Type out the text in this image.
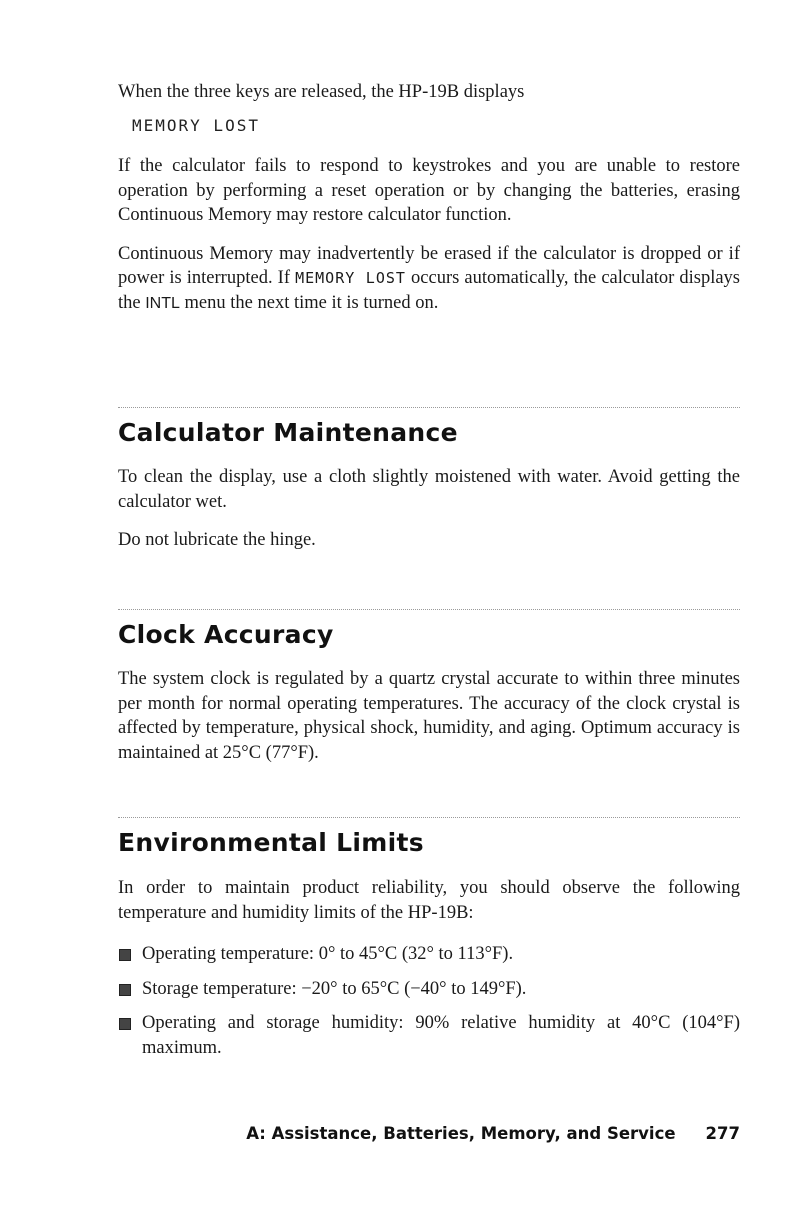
When the three keys are released, the HP-19B displays

MEMORY LOST

If the calculator fails to respond to keystrokes and you are unable to restore operation by performing a reset operation or by changing the batteries, erasing Continuous Memory may restore calculator function.

Continuous Memory may inadvertently be erased if the calculator is dropped or if power is interrupted. If MEMORY LOST occurs automatically, the calculator displays the INTL menu the next time it is turned on.

Calculator Maintenance

To clean the display, use a cloth slightly moistened with water. Avoid getting the calculator wet.

Do not lubricate the hinge.

Clock Accuracy

The system clock is regulated by a quartz crystal accurate to within three minutes per month for normal operating temperatures. The accuracy of the clock crystal is affected by temperature, physical shock, humidity, and aging. Optimum accuracy is maintained at 25°C (77°F).

Environmental Limits

In order to maintain product reliability, you should observe the following temperature and humidity limits of the HP-19B:

Operating temperature: 0° to 45°C (32° to 113°F).
Storage temperature: −20° to 65°C (−40° to 149°F).
Operating and storage humidity: 90% relative humidity at 40°C (104°F) maximum.
A: Assistance, Batteries, Memory, and Service 277
